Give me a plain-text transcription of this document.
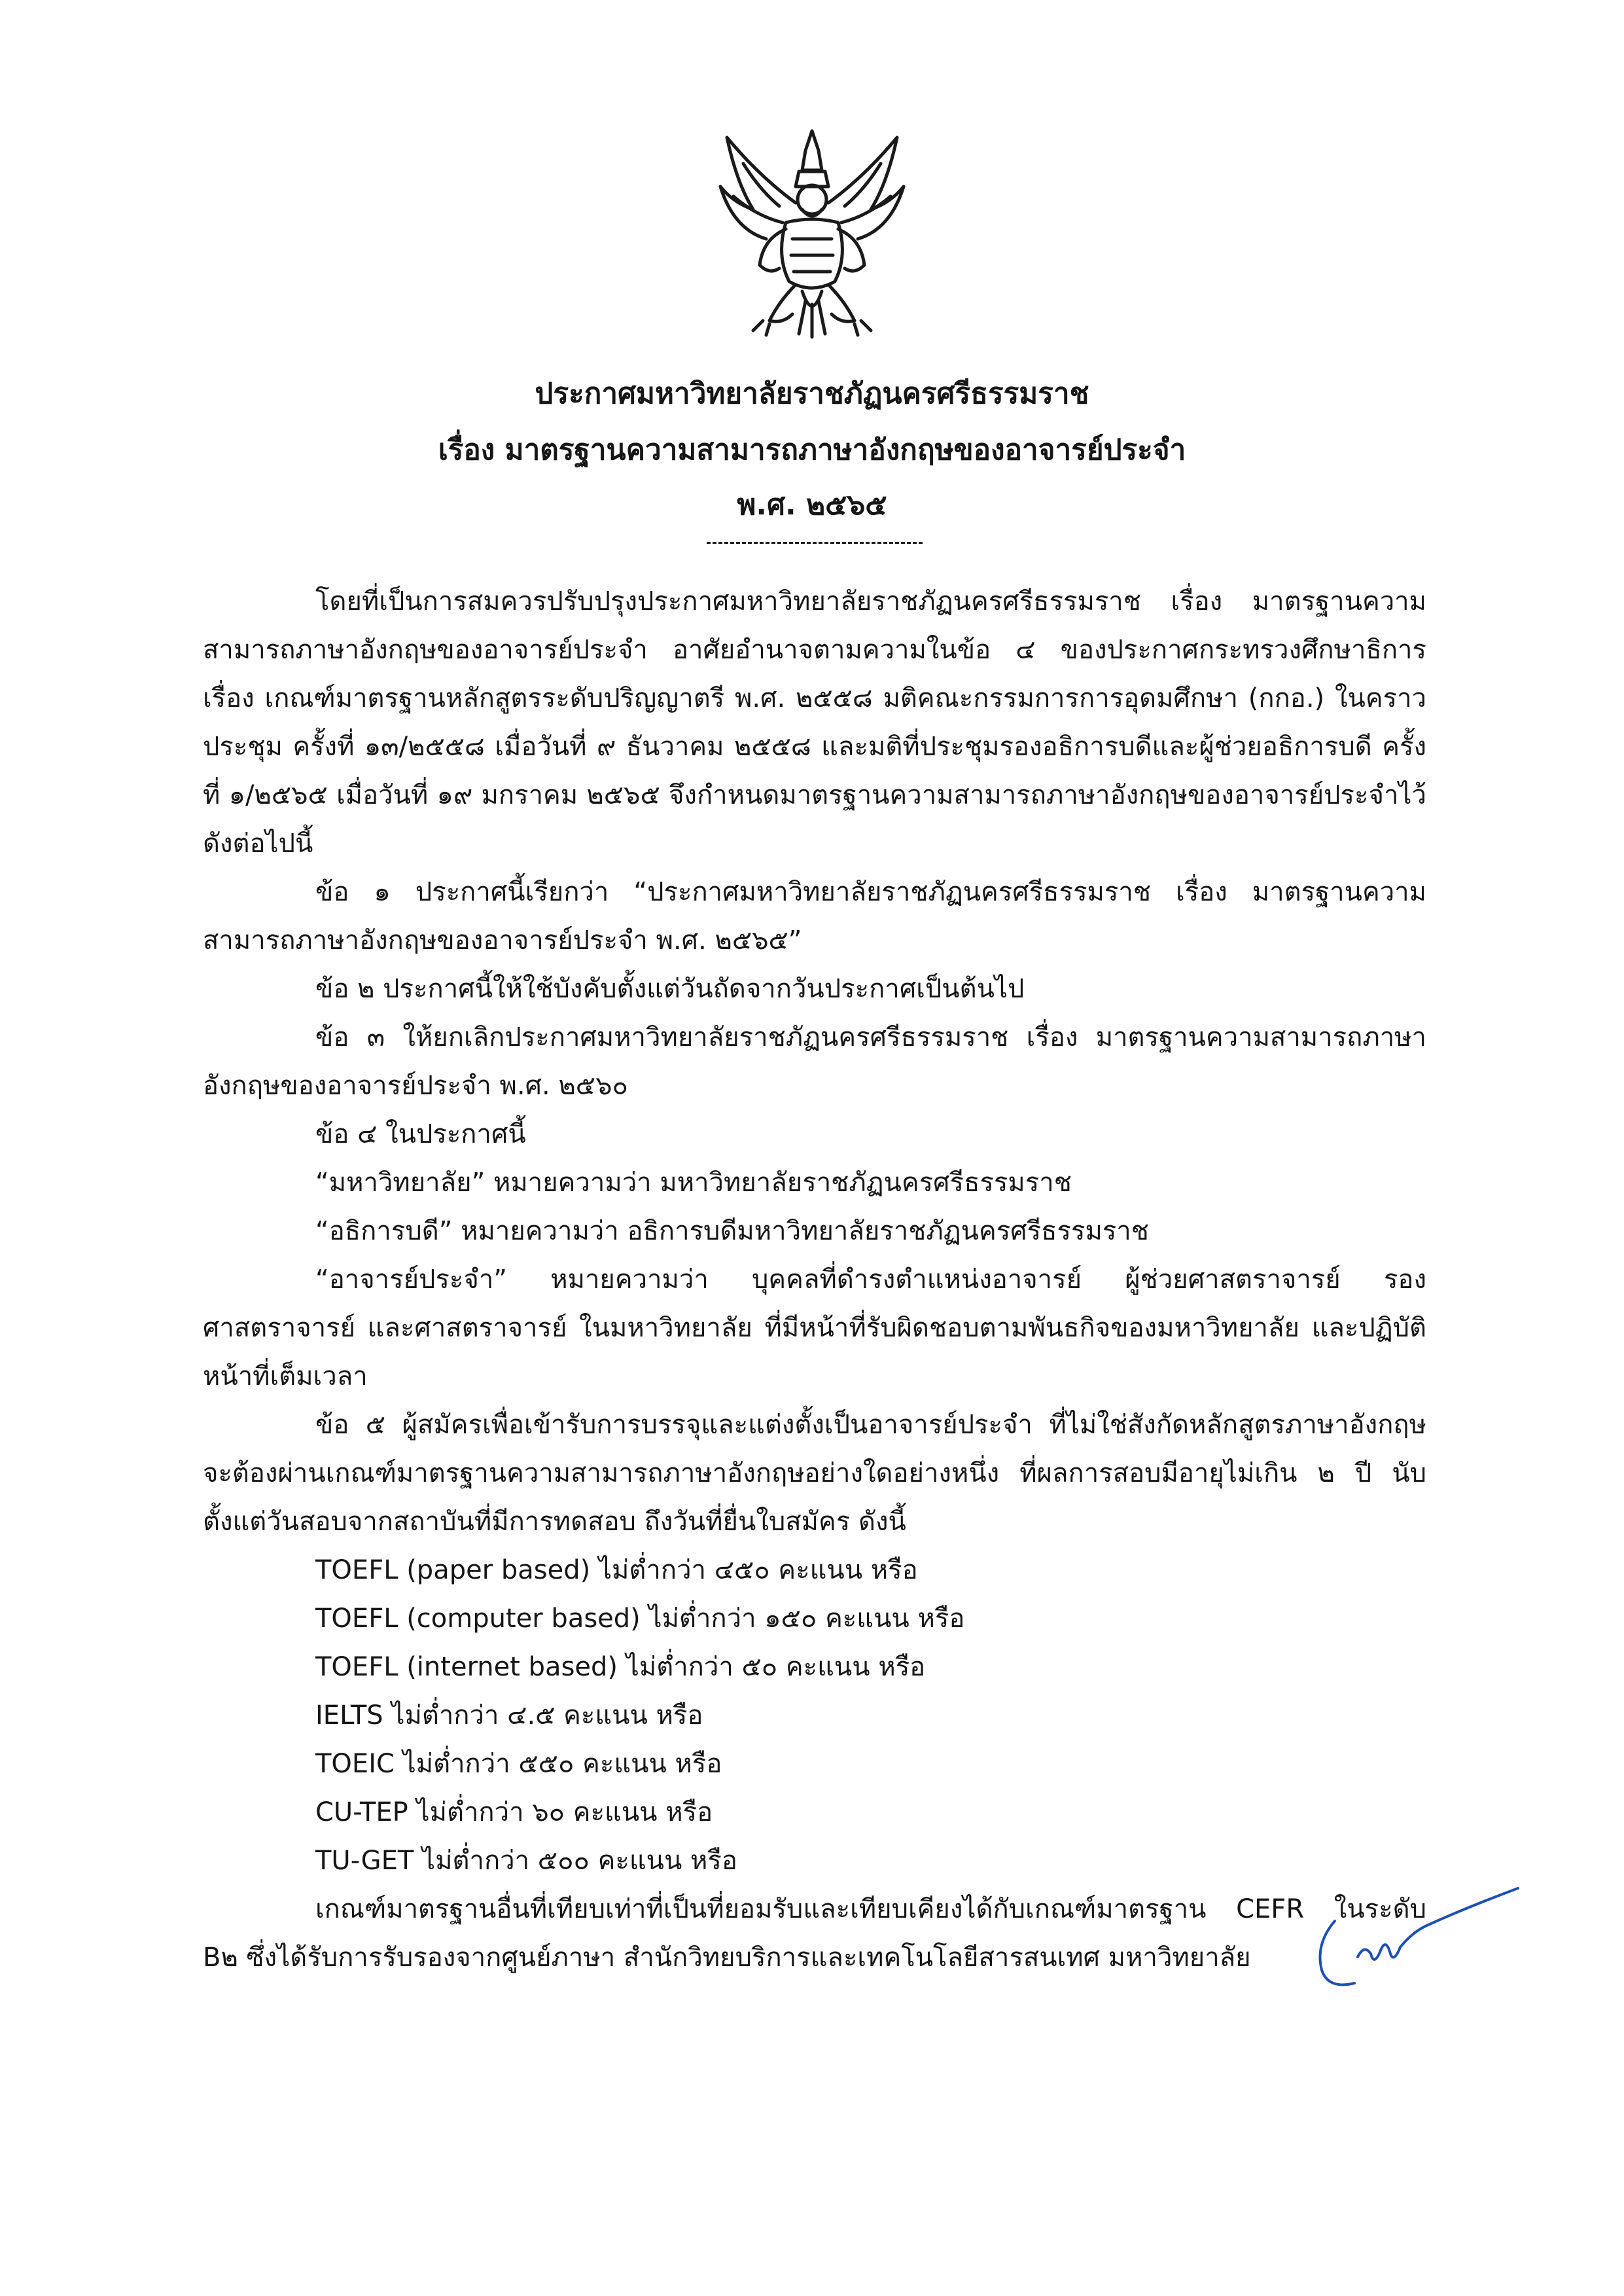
ประกาศมหาวิทยาลัยราชภัฏนครศรีธรรมราช
เรื่อง มาตรฐานความสามารถภาษาอังกฤษของอาจารย์ประจำ
พ.ศ. ๒๕๖๕

โดยที่เป็นการสมควรปรับปรุงประกาศมหาวิทยาลัยราชภัฏนครศรีธรรมราช เรื่อง มาตรฐานความสามารถภาษาอังกฤษของอาจารย์ประจำ อาศัยอำนาจตามความในข้อ ๔ ของประกาศกระทรวงศึกษาธิการ เรื่อง เกณฑ์มาตรฐานหลักสูตรระดับปริญญาตรี พ.ศ. ๒๕๕๘ มติคณะกรรมการการอุดมศึกษา (กกอ.) ในคราวประชุม ครั้งที่ ๑๓/๒๕๕๘ เมื่อวันที่ ๙ ธันวาคม ๒๕๕๘ และมติที่ประชุมรองอธิการบดีและผู้ช่วยอธิการบดี ครั้งที่ ๑/๒๕๖๕ เมื่อวันที่ ๑๙ มกราคม ๒๕๖๕ จึงกำหนดมาตรฐานความสามารถภาษาอังกฤษของอาจารย์ประจำไว้ ดังต่อไปนี้

ข้อ ๑ ประกาศนี้เรียกว่า “ประกาศมหาวิทยาลัยราชภัฏนครศรีธรรมราช เรื่อง มาตรฐานความสามารถภาษาอังกฤษของอาจารย์ประจำ พ.ศ. ๒๕๖๕”

ข้อ ๒ ประกาศนี้ให้ใช้บังคับตั้งแต่วันถัดจากวันประกาศเป็นต้นไป

ข้อ ๓ ให้ยกเลิกประกาศมหาวิทยาลัยราชภัฏนครศรีธรรมราช เรื่อง มาตรฐานความสามารถภาษาอังกฤษของอาจารย์ประจำ พ.ศ. ๒๕๖๐

ข้อ ๔ ในประกาศนี้

“มหาวิทยาลัย” หมายความว่า มหาวิทยาลัยราชภัฏนครศรีธรรมราช

“อธิการบดี” หมายความว่า อธิการบดีมหาวิทยาลัยราชภัฏนครศรีธรรมราช

“อาจารย์ประจำ” หมายความว่า บุคคลที่ดำรงตำแหน่งอาจารย์ ผู้ช่วยศาสตราจารย์ รองศาสตราจารย์ และศาสตราจารย์ ในมหาวิทยาลัย ที่มีหน้าที่รับผิดชอบตามพันธกิจของมหาวิทยาลัย และปฏิบัติหน้าที่เต็มเวลา

ข้อ ๕ ผู้สมัครเพื่อเข้ารับการบรรจุและแต่งตั้งเป็นอาจารย์ประจำ ที่ไม่ใช่สังกัดหลักสูตรภาษาอังกฤษจะต้องผ่านเกณฑ์มาตรฐานความสามารถภาษาอังกฤษอย่างใดอย่างหนึ่ง ที่ผลการสอบมีอายุไม่เกิน ๒ ปี นับตั้งแต่วันสอบจากสถาบันที่มีการทดสอบ ถึงวันที่ยื่นใบสมัคร ดังนี้

TOEFL (paper based) ไม่ต่ำกว่า ๔๕๐ คะแนน หรือ

TOEFL (computer based) ไม่ต่ำกว่า ๑๕๐ คะแนน หรือ

TOEFL (internet based) ไม่ต่ำกว่า ๕๐ คะแนน หรือ

IELTS ไม่ต่ำกว่า ๔.๕ คะแนน หรือ

TOEIC ไม่ต่ำกว่า ๕๕๐ คะแนน หรือ

CU-TEP ไม่ต่ำกว่า ๖๐ คะแนน หรือ

TU-GET ไม่ต่ำกว่า ๕๐๐ คะแนน หรือ

เกณฑ์มาตรฐานอื่นที่เทียบเท่าที่เป็นที่ยอมรับและเทียบเคียงได้กับเกณฑ์มาตรฐาน CEFR ในระดับ B๒ ซึ่งได้รับการรับรองจากศูนย์ภาษา สำนักวิทยบริการและเทคโนโลยีสารสนเทศ มหาวิทยาลัย
